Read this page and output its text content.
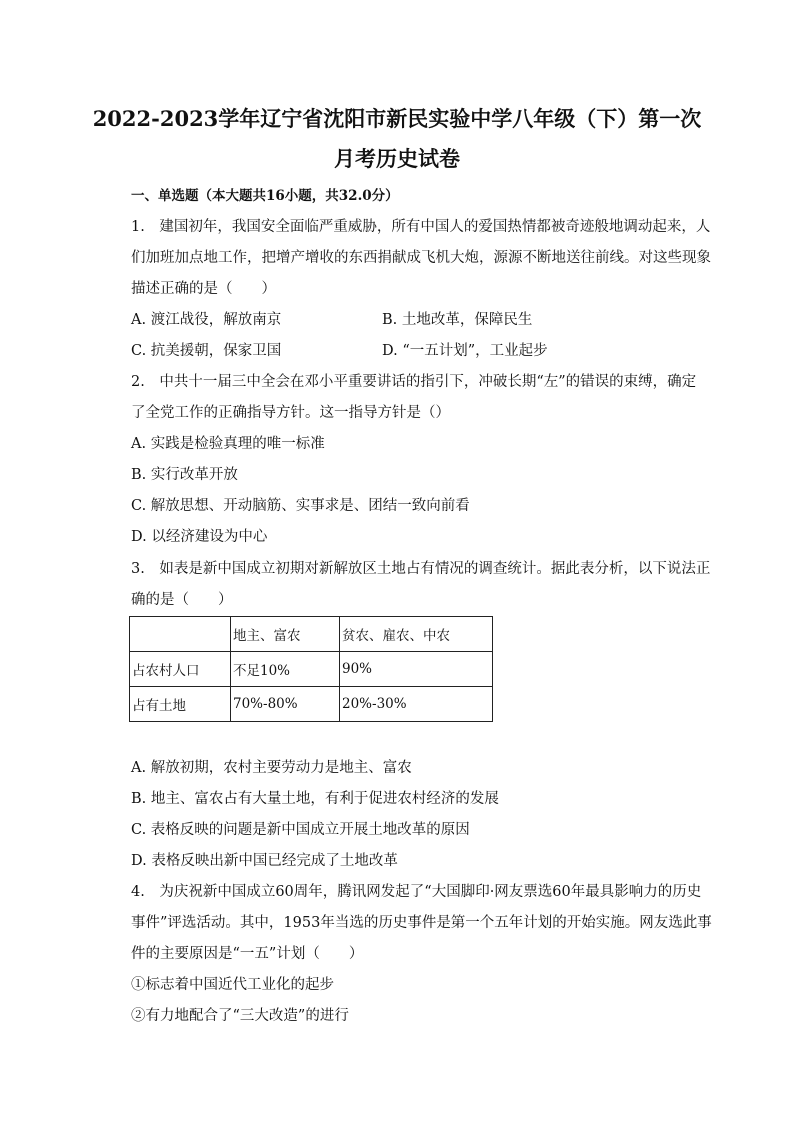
2022-2023学年辽宁省沈阳市新民实验中学八年级（下）第一次
月考历史试卷
一、单选题（本大题共16小题，共32.0分）
1.　建国初年，我国安全面临严重威胁，所有中国人的爱国热情都被奇迹般地调动起来，人
们加班加点地工作，把增产增收的东西捐献成飞机大炮，源源不断地送往前线。对这些现象
描述正确的是（　　）
A. 渡江战役，解放南京	B. 土地改革，保障民生
C. 抗美援朝，保家卫国	D. “一五计划”，工业起步
2.　中共十一届三中全会在邓小平重要讲话的指引下，冲破长期“左”的错误的束缚，确定
了全党工作的正确指导方针。这一指导方针是（）
A. 实践是检验真理的唯一标准
B. 实行改革开放
C. 解放思想、开动脑筋、实事求是、团结一致向前看
D. 以经济建设为中心
3.　如表是新中国成立初期对新解放区土地占有情况的调查统计。据此表分析，以下说法正
确的是（　　）
	地主、富农	贫农、雇农、中农
占农村人口	不足10%	90%
占有土地	70%-80%	20%-30%
A. 解放初期，农村主要劳动力是地主、富农
B. 地主、富农占有大量土地，有利于促进农村经济的发展
C. 表格反映的问题是新中国成立开展土地改革的原因
D. 表格反映出新中国已经完成了土地改革
4.　为庆祝新中国成立60周年，腾讯网发起了“大国脚印·网友票选60年最具影响力的历史
事件”评选活动。其中，1953年当选的历史事件是第一个五年计划的开始实施。网友选此事
件的主要原因是“一五”计划（　　）
①标志着中国近代工业化的起步
②有力地配合了“三大改造”的进行
